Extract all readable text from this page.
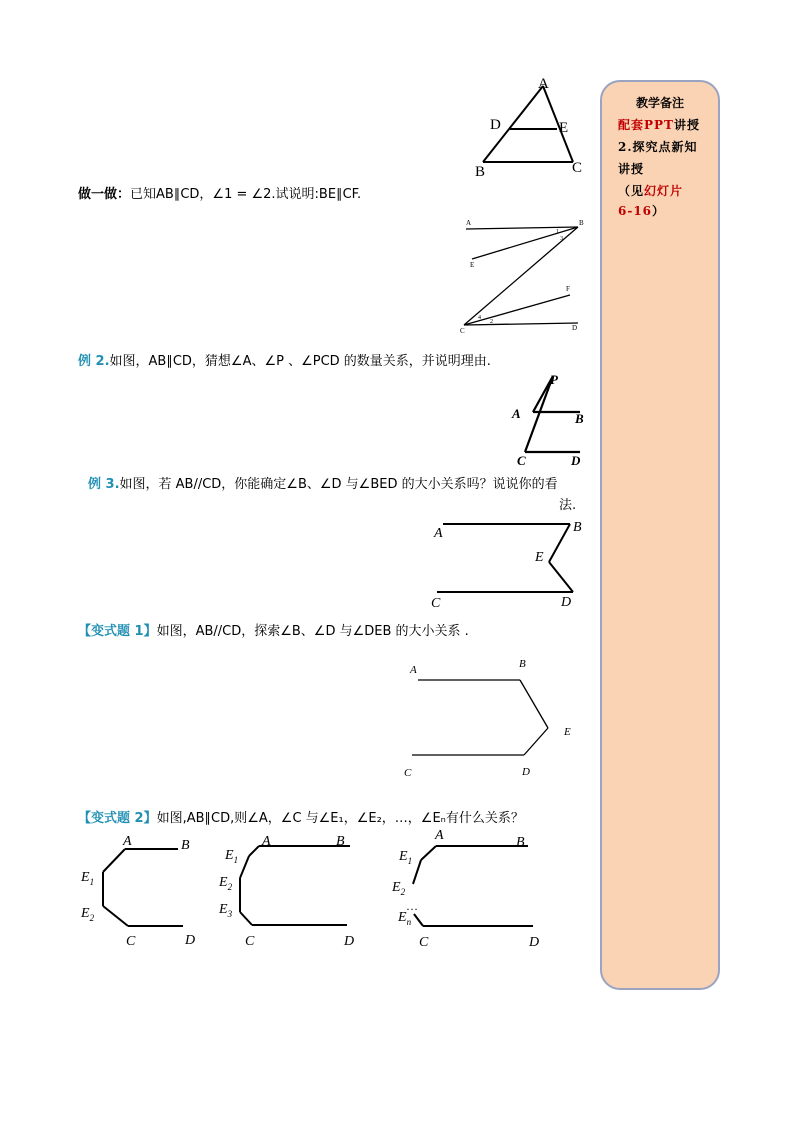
教学备注
配套PPT讲授
2.探究点新知
讲授
（见幻灯片
6-16）
A
D	E
B	C
做一做：已知AB∥CD，∠1 = ∠2.试说明:BE∥CF.
A	B
E
F
C	D
1
3
4
2
例 2.如图，AB∥CD，猜想∠A、∠P 、∠PCD 的数量关系，并说明理由.
P
A	B
C	D
例 3.如图，若 AB//CD，你能确定∠B、∠D 与∠BED 的大小关系吗？说说你的看
法.
A	B
E
C	D
【变式题 1】如图，AB//CD，探索∠B、∠D 与∠DEB 的大小关系 .
A	B
E
C	D
【变式题 2】如图,AB∥CD,则∠A，∠C 与∠E₁，∠E₂，…，∠Eₙ有什么关系？
A	B
$E_1$
$E_2$
C	D
A	B
$E_1$
$E_2$
$E_3$
C	D
A	B
$E_1$
$E_2$
…
$E_n$
C	D
